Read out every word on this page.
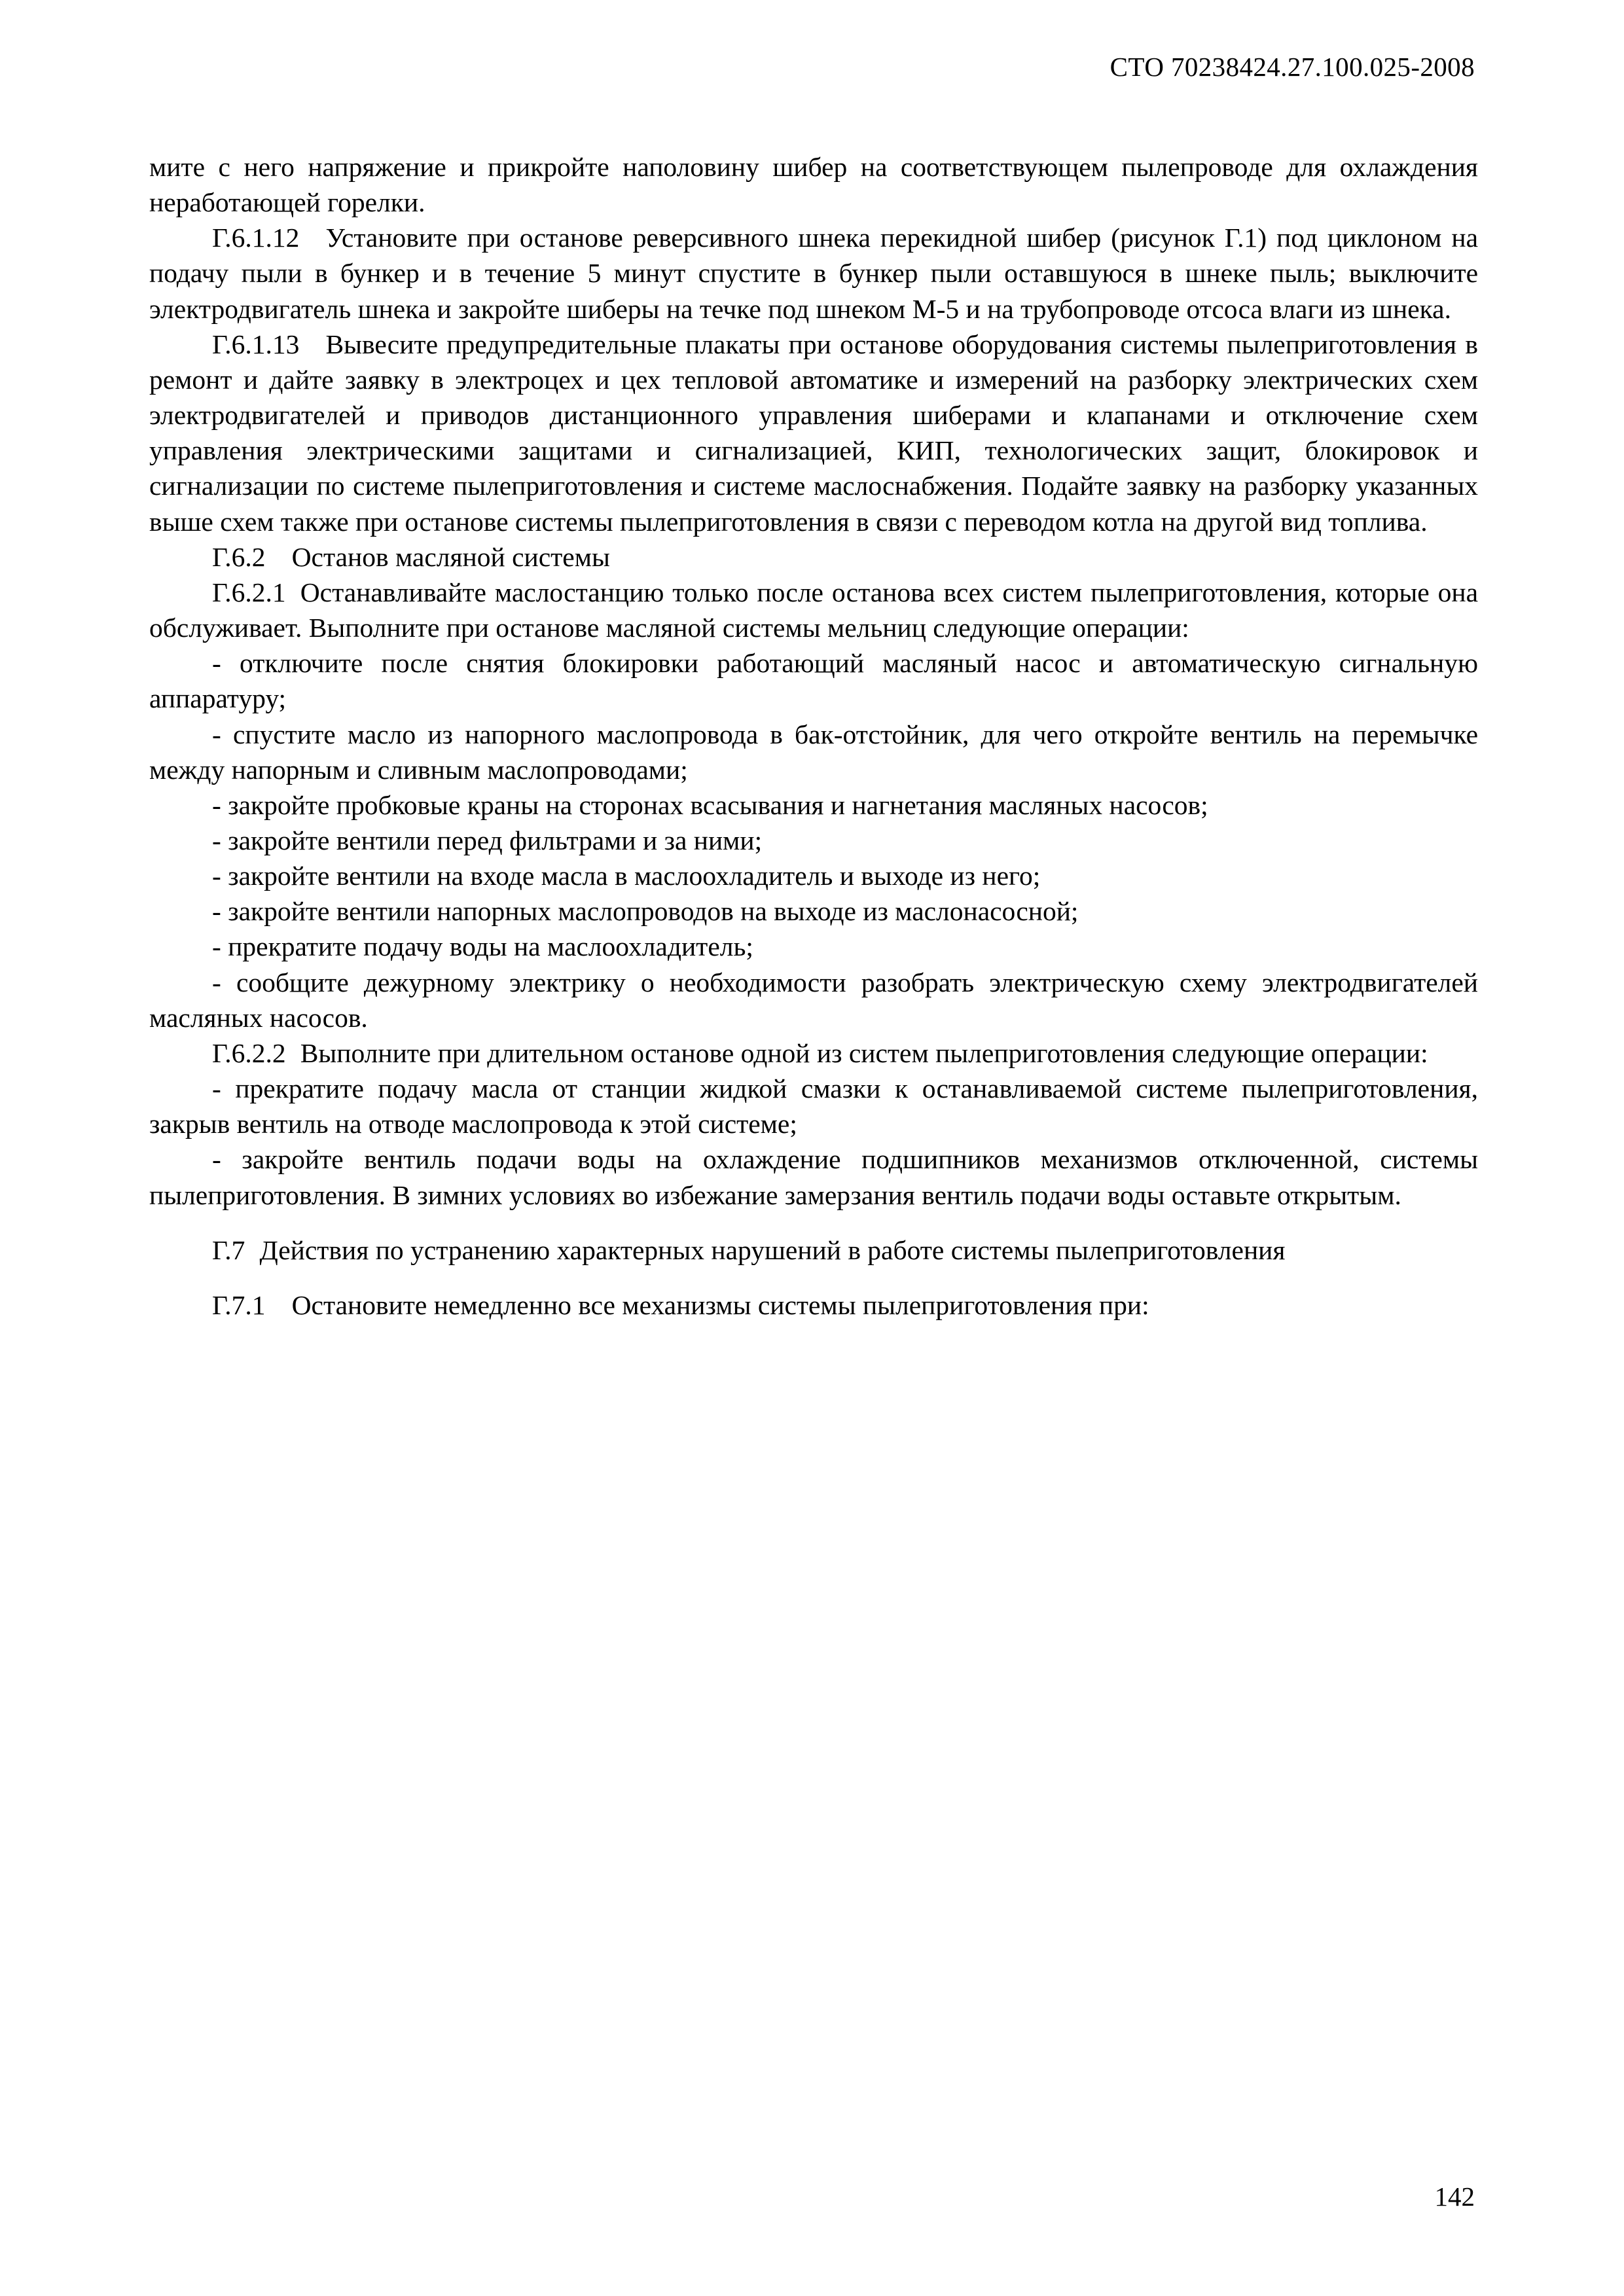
СТО 70238424.27.100.025-2008

мите с него напряжение и прикройте наполовину шибер на соответствующем пылепроводе для охлаждения неработающей горелки.

Г.6.1.12 Установите при останове реверсивного шнека перекидной шибер (рисунок Г.1) под циклоном на подачу пыли в бункер и в течение 5 минут спустите в бункер пыли оставшуюся в шнеке пыль; выключите электродвигатель шнека и закройте шиберы на течке под шнеком М-5 и на трубопроводе отсоса влаги из шнека.

Г.6.1.13 Вывесите предупредительные плакаты при останове оборудования системы пылеприготовления в ремонт и дайте заявку в электроцех и цех тепловой автоматике и измерений на разборку электрических схем электродвигателей и приводов дистанционного управления шиберами и клапанами и отключение схем управления электрическими защитами и сигнализацией, КИП, технологических защит, блокировок и сигнализации по системе пылеприготовления и системе маслоснабжения. Подайте заявку на разборку указанных выше схем также при останове системы пылеприготовления в связи с переводом котла на другой вид топлива.

Г.6.2 Останов масляной системы

Г.6.2.1 Останавливайте маслостанцию только после останова всех систем пылеприготовления, которые она обслуживает. Выполните при останове масляной системы мельниц следующие операции:

- отключите после снятия блокировки работающий масляный насос и автоматическую сигнальную аппаратуру;

- спустите масло из напорного маслопровода в бак-отстойник, для чего откройте вентиль на перемычке между напорным и сливным маслопроводами;

- закройте пробковые краны на сторонах всасывания и нагнетания масляных насосов;

- закройте вентили перед фильтрами и за ними;

- закройте вентили на входе масла в маслоохладитель и выходе из него;

- закройте вентили напорных маслопроводов на выходе из маслонасосной;

- прекратите подачу воды на маслоохладитель;

- сообщите дежурному электрику о необходимости разобрать электрическую схему электродвигателей масляных насосов.

Г.6.2.2 Выполните при длительном останове одной из систем пылеприготовления следующие операции:

- прекратите подачу масла от станции жидкой смазки к останавливаемой системе пылеприготовления, закрыв вентиль на отводе маслопровода к этой системе;

- закройте вентиль подачи воды на охлаждение подшипников механизмов отключенной, системы пылеприготовления. В зимних условиях во избежание замерзания вентиль подачи воды оставьте открытым.

Г.7 Действия по устранению характерных нарушений в работе системы пылеприготовления

Г.7.1 Остановите немедленно все механизмы системы пылеприготовления при:

142
